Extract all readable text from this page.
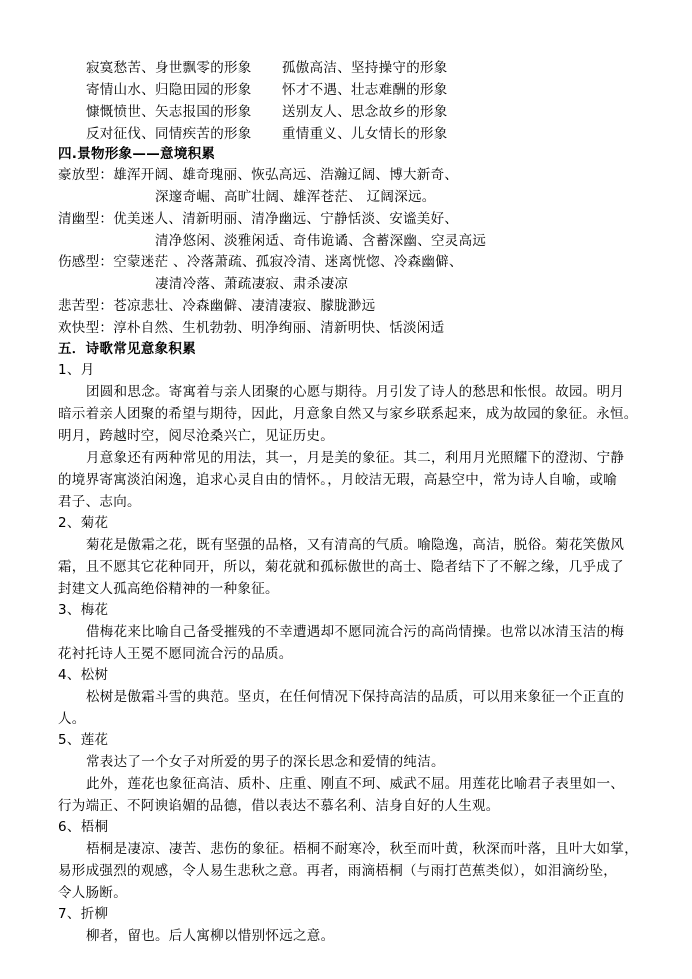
寂寞愁苦、身世飘零的形象 孤傲高洁、坚持操守的形象
寄情山水、归隐田园的形象 怀才不遇、壮志难酬的形象
慷慨愤世、矢志报国的形象 送别友人、思念故乡的形象
反对征伐、同情疾苦的形象 重情重义、儿女情长的形象
四.景物形象——意境积累
豪放型：雄浑开阔、雄奇瑰丽、恢弘高远、浩瀚辽阔、博大新奇、
深邃奇崛、高旷壮阔、雄浑苍茫、 辽阔深远。
清幽型：优美迷人、清新明丽、清净幽远、宁静恬淡、安谧美好、
清净悠闲、淡雅闲适、奇伟诡谲、含蓄深幽、空灵高远
伤感型：空蒙迷茫 、冷落萧疏、孤寂冷清、迷离恍惚、冷森幽僻、
凄清冷落、萧疏凄寂、肃杀凄凉
悲苦型：苍凉悲壮、冷森幽僻、凄清凄寂、朦胧渺远
欢快型：淳朴自然、生机勃勃、明净绚丽、清新明快、恬淡闲适
五．诗歌常见意象积累
1、月
团圆和思念。寄寓着与亲人团聚的心愿与期待。月引发了诗人的愁思和怅恨。故园。明月
暗示着亲人团聚的希望与期待，因此，月意象自然又与家乡联系起来，成为故园的象征。永恒。
明月，跨越时空，阅尽沧桑兴亡，见证历史。
月意象还有两种常见的用法，其一，月是美的象征。其二，利用月光照耀下的澄沏、宁静
的境界寄寓淡泊闲逸，追求心灵自由的情怀。，月皎洁无瑕，高悬空中，常为诗人自喻，或喻
君子、志向。
2、菊花
菊花是傲霜之花，既有坚强的品格，又有清高的气质。喻隐逸，高洁，脱俗。菊花笑傲风
霜，且不愿其它花种同开，所以，菊花就和孤标傲世的高士、隐者结下了不解之缘，几乎成了
封建文人孤高绝俗精神的一种象征。
3、梅花
借梅花来比喻自己备受摧残的不幸遭遇却不愿同流合污的高尚情操。也常以冰清玉洁的梅
花衬托诗人王冕不愿同流合污的品质。
4、松树
松树是傲霜斗雪的典范。坚贞，在任何情况下保持高洁的品质，可以用来象征一个正直的
人。
5、莲花
常表达了一个女子对所爱的男子的深长思念和爱情的纯洁。
此外，莲花也象征高洁、质朴、庄重、刚直不珂、威武不屈。用莲花比喻君子表里如一、
行为端正、不阿谀谄媚的品德，借以表达不慕名利、洁身自好的人生观。
6、梧桐
梧桐是凄凉、凄苦、悲伤的象征。梧桐不耐寒冷，秋至而叶黄，秋深而叶落，且叶大如掌，
易形成强烈的观感，令人易生悲秋之意。再者，雨滴梧桐（与雨打芭蕉类似），如泪滴纷坠，
令人肠断。
7、折柳
柳者，留也。后人寓柳以惜别怀远之意。
